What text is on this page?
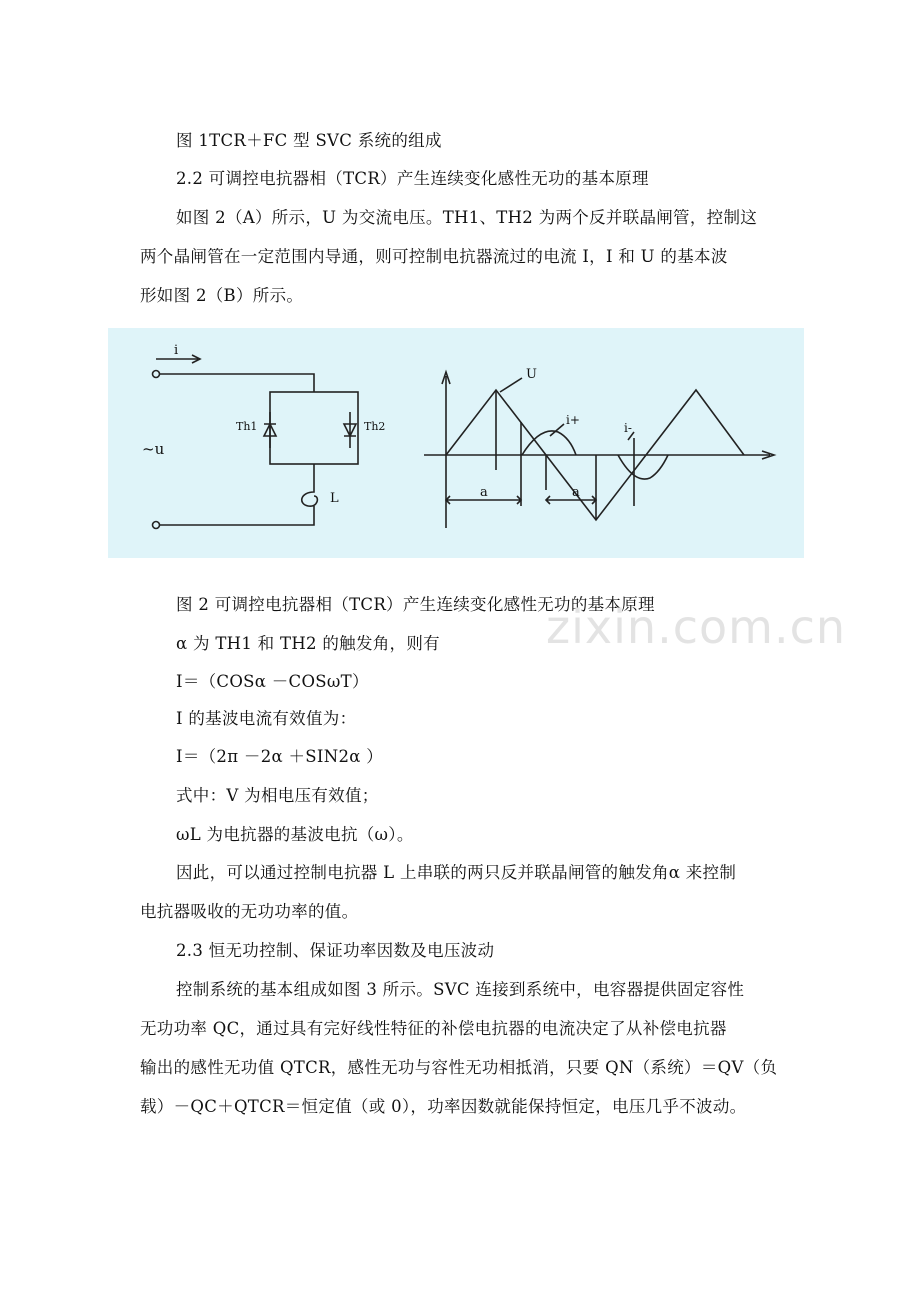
图 1TCR＋FC 型 SVC 系统的组成
2.2 可调控电抗器相（TCR）产生连续变化感性无功的基本原理
如图 2（A）所示，U 为交流电压。TH1、TH2 为两个反并联晶闸管，控制这
两个晶闸管在一定范围内导通，则可控制电抗器流过的电流 I，I 和 U 的基本波
形如图 2（B）所示。
i
~u
Th1	Th2
L
U
i+
i-
a	a
图 2 可调控电抗器相（TCR）产生连续变化感性无功的基本原理
zixin.com.cn
α 为 TH1 和 TH2 的触发角，则有
I＝（COSα －COSωT）
I 的基波电流有效值为：
I＝（2π －2α ＋SIN2α ）
式中：V 为相电压有效值；
ωL 为电抗器的基波电抗（ω）。
因此，可以通过控制电抗器 L 上串联的两只反并联晶闸管的触发角α 来控制
电抗器吸收的无功功率的值。
2.3 恒无功控制、保证功率因数及电压波动
控制系统的基本组成如图 3 所示。SVC 连接到系统中，电容器提供固定容性
无功功率 QC，通过具有完好线性特征的补偿电抗器的电流决定了从补偿电抗器
输出的感性无功值 QTCR，感性无功与容性无功相抵消，只要 QN（系统）＝QV（负
载）－QC＋QTCR＝恒定值（或 0），功率因数就能保持恒定，电压几乎不波动。
